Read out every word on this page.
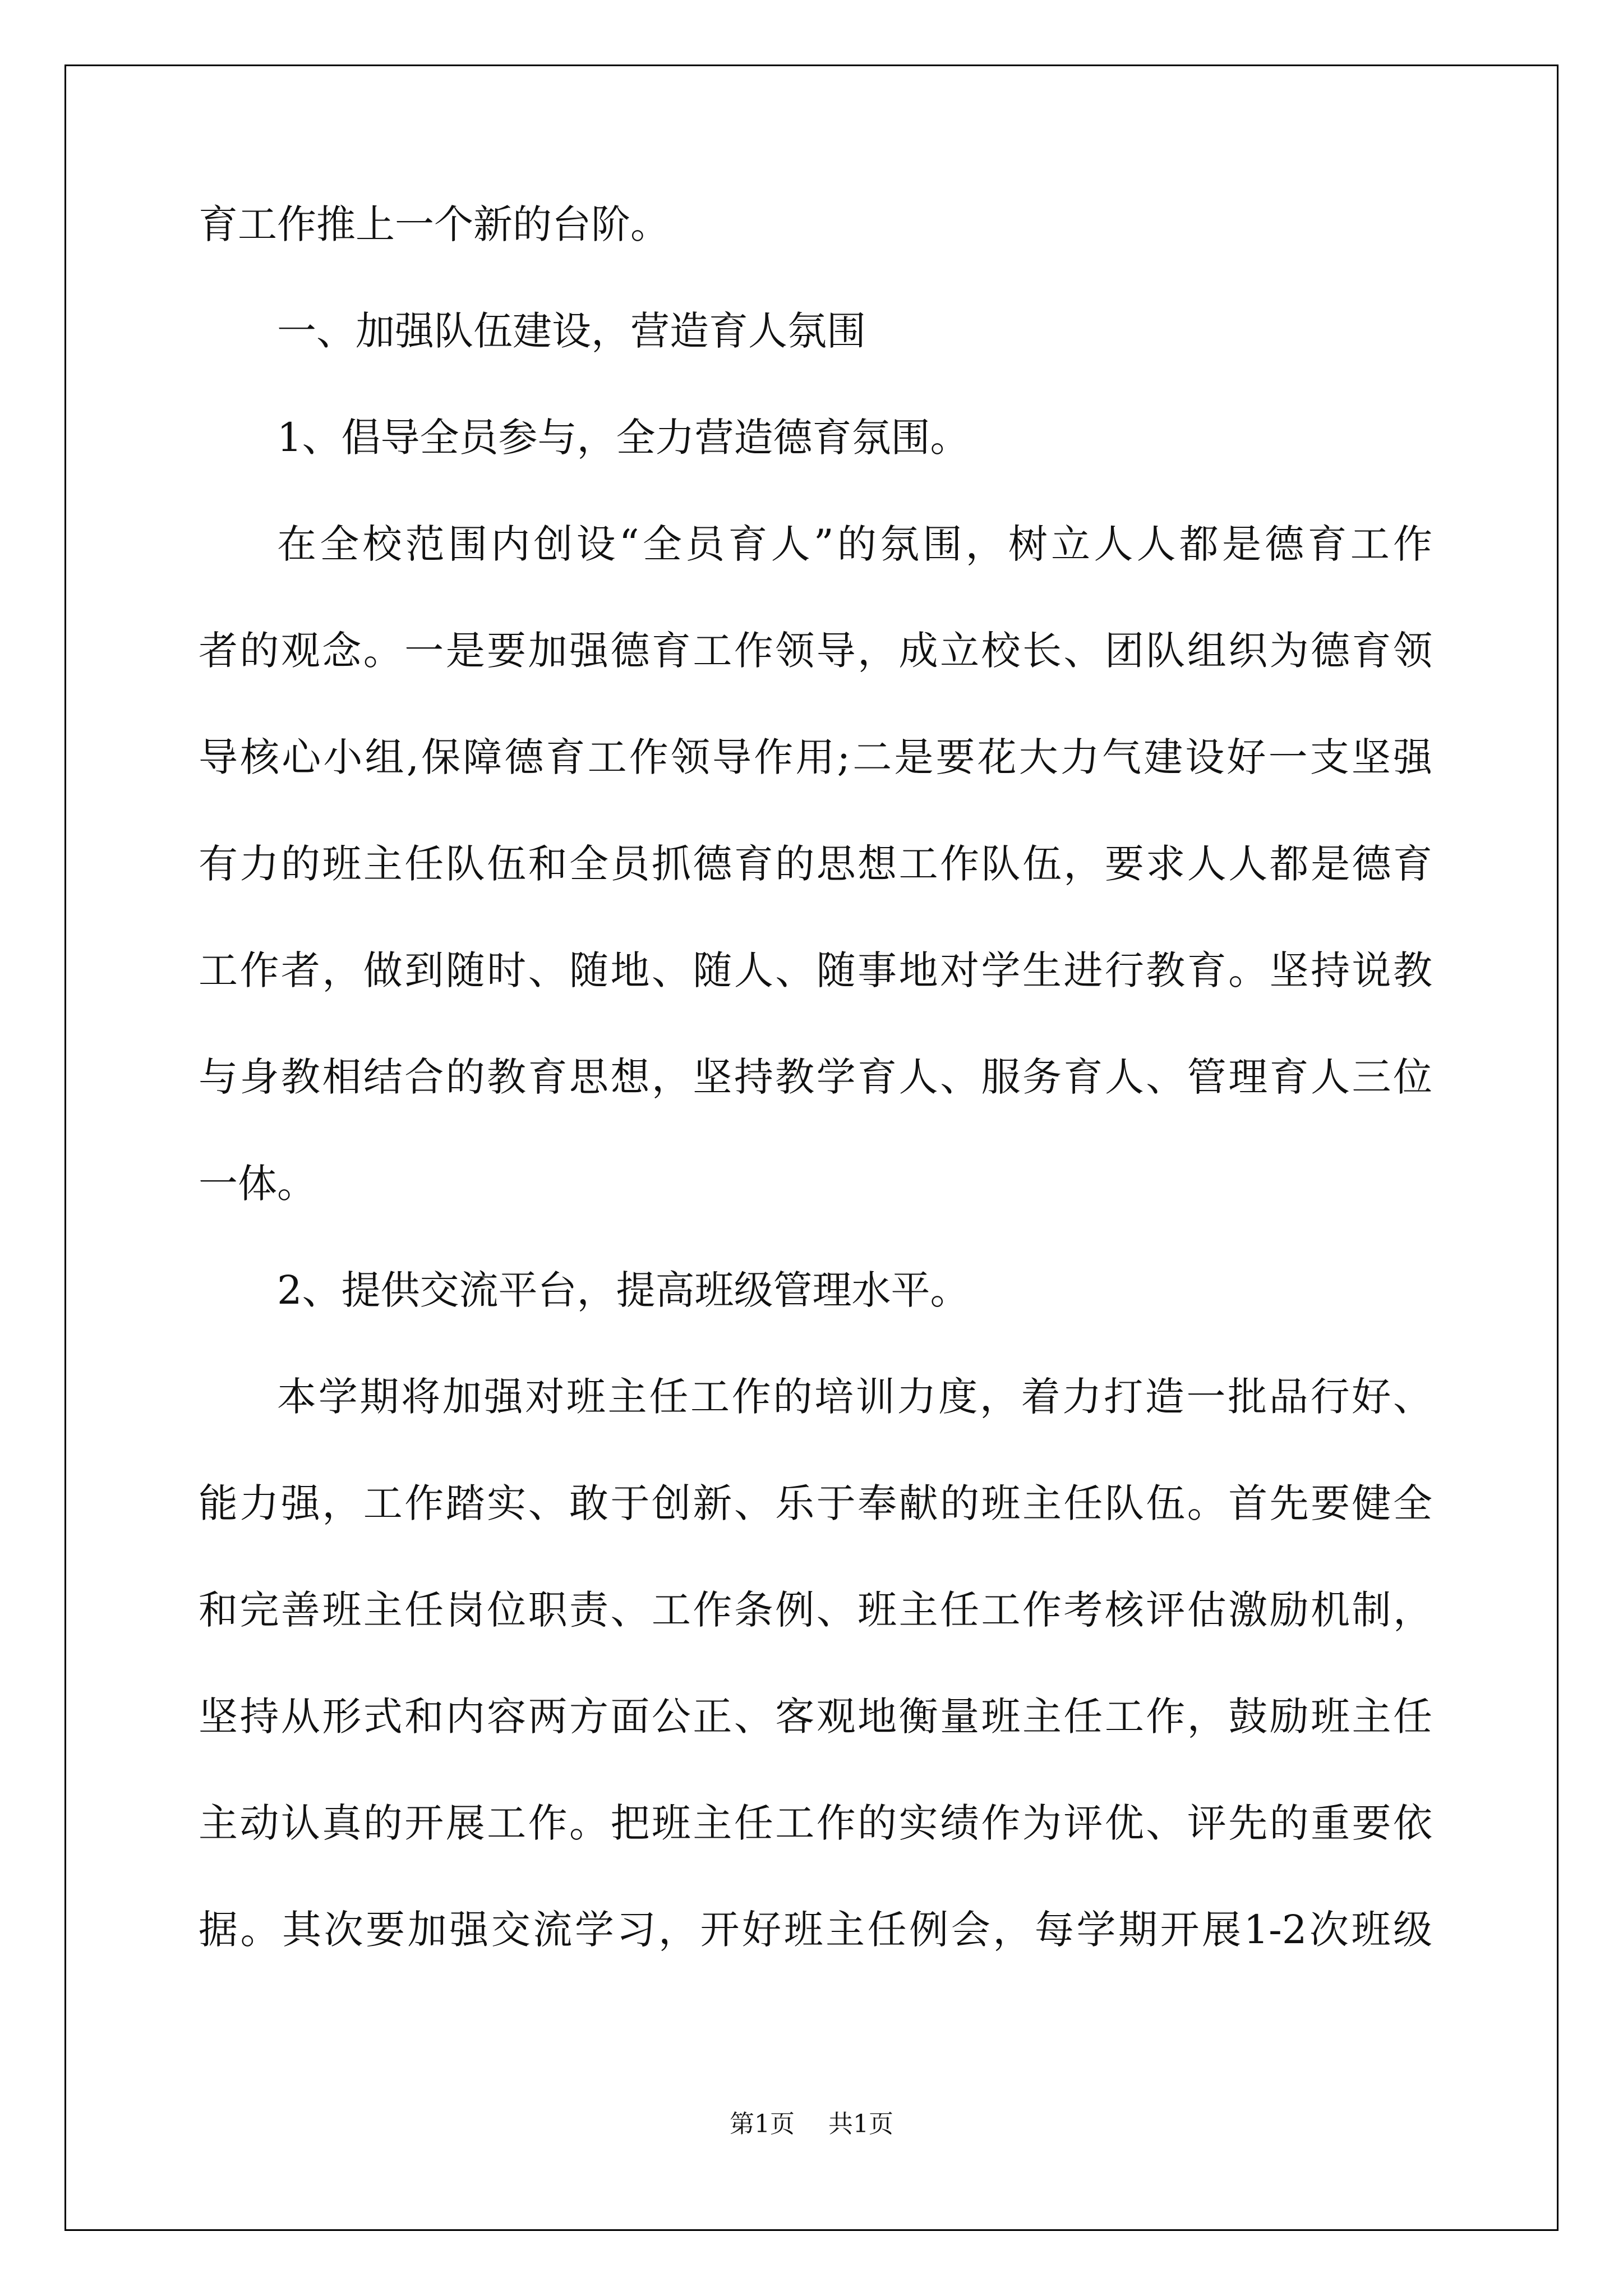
育工作推上一个新的台阶。
一、加强队伍建设，营造育人氛围
1、倡导全员参与，全力营造德育氛围。
在全校范围内创设“全员育人”的氛围，树立人人都是德育工作
者的观念。一是要加强德育工作领导，成立校长、团队组织为德育领
导核心小组,保障德育工作领导作用;二是要花大力气建设好一支坚强
有力的班主任队伍和全员抓德育的思想工作队伍，要求人人都是德育
工作者，做到随时、随地、随人、随事地对学生进行教育。坚持说教
与身教相结合的教育思想，坚持教学育人、服务育人、管理育人三位
一体。
2、提供交流平台，提高班级管理水平。
本学期将加强对班主任工作的培训力度，着力打造一批品行好、
能力强，工作踏实、敢于创新、乐于奉献的班主任队伍。首先要健全
和完善班主任岗位职责、工作条例、班主任工作考核评估激励机制，
坚持从形式和内容两方面公正、客观地衡量班主任工作，鼓励班主任
主动认真的开展工作。把班主任工作的实绩作为评优、评先的重要依
据。其次要加强交流学习，开好班主任例会，每学期开展1-2次班级
第1页 共1页
